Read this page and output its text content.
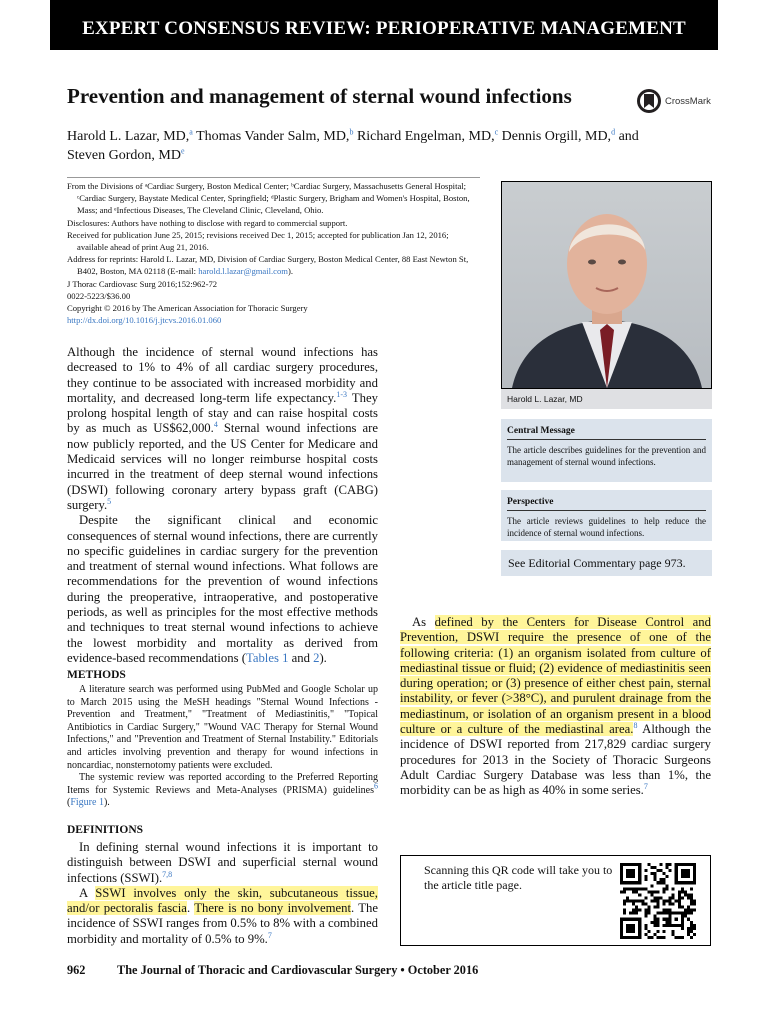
EXPERT CONSENSUS REVIEW: PERIOPERATIVE MANAGEMENT
Prevention and management of sternal wound infections	CrossMark
Harold L. Lazar, MD,$^a$ Thomas Vander Salm, MD,$^b$ Richard Engelman, MD,$^c$ Dennis Orgill, MD,$^d$ and
Steven Gordon, MDe

From the Divisions of ᵃCardiac Surgery, Boston Medical Center; ᵇCardiac Surgery, Massachusetts General Hospital; ᶜCardiac Surgery, Baystate Medical Center, Springfield; ᵈPlastic Surgery, Brigham and Women's Hospital, Boston, Mass; and ᵉInfectious Diseases, The Cleveland Clinic, Cleveland, Ohio.

Disclosures: Authors have nothing to disclose with regard to commercial support.

Received for publication June 25, 2015; revisions received Dec 1, 2015; accepted for publication Jan 12, 2016; available ahead of print Aug 21, 2016.

Address for reprints: Harold L. Lazar, MD, Division of Cardiac Surgery, Boston Medical Center, 88 East Newton St, B402, Boston, MA 02118 (E-mail: harold.l.lazar@gmail.com).

J Thorac Cardiovasc Surg 2016;152:962-72

0022-5223/$36.00

Copyright © 2016 by The American Association for Thoracic Surgery

http://dx.doi.org/10.1016/j.jtcvs.2016.01.060

Harold L. Lazar, MD
Central Message

The article describes guidelines for the prevention and management of sternal wound infections.

Perspective

The article reviews guidelines to help reduce the incidence of sternal wound infections.

See Editorial Commentary page 973.

Although the incidence of sternal wound infections has decreased to 1% to 4% of all cardiac surgery procedures, they continue to be associated with increased morbidity and mortality, and decreased long-term life expectancy.$^{1-3}$ They prolong hospital length of stay and can raise hospital costs by as much as US$62,000.$^4$ Sternal wound infections are now publicly reported, and the US Center for Medicare and Medicaid services will no longer reimburse hospital costs incurred in the treatment of deep sternal wound infections (DSWI) following coronary artery bypass graft (CABG) surgery.$^5$

Despite the significant clinical and economic consequences of sternal wound infections, there are currently no specific guidelines in cardiac surgery for the prevention and treatment of sternal wound infections. What follows are recommendations for the prevention of wound infections during the preoperative, intraoperative, and postoperative periods, as well as principles for the most effective methods and techniques to treat sternal wound infections to achieve the lowest morbidity and mortality as derived from evidence-based recommendations (Tables 1 and 2).

METHODS

A literature search was performed using PubMed and Google Scholar up to March 2015 using the MeSH headings "Sternal Wound Infections - Prevention and Treatment," "Treatment of Mediastinitis," "Topical Antibiotics in Cardiac Surgery," "Wound VAC Therapy for Sternal Wound Infections," and "Prevention and Treatment of Sternal Instability." Editorials and articles involving prevention and therapy for wound infections in noncardiac, nonsternotomy patients were excluded.

The systemic review was reported according to the Preferred Reporting Items for Systemic Reviews and Meta-Analyses (PRISMA) guidelines$^6$ (Figure 1).

DEFINITIONS

In defining sternal wound infections it is important to distinguish between DSWI and superficial sternal wound infections (SSWI).$^{7,8}$

A SSWI involves only the skin, subcutaneous tissue, and/or pectoralis fascia. There is no bony involvement. The incidence of SSWI ranges from 0.5% to 8% with a combined morbidity and mortality of 0.5% to 9%.$^7$

As defined by the Centers for Disease Control and Prevention, DSWI require the presence of one of the following criteria: (1) an organism isolated from culture of mediastinal tissue or fluid; (2) evidence of mediastinitis seen during operation; or (3) presence of either chest pain, sternal instability, or fever (>38°C), and purulent drainage from the mediastinum, or isolation of an organism present in a blood culture or a culture of the mediastinal area.$^8$ Although the incidence of DSWI reported from 217,829 cardiac surgery procedures for 2013 in the Society of Thoracic Surgeons Adult Cardiac Surgery Database was less than 1%, the morbidity can be as high as 40% in some series.$^7$

Scanning this QR code will take you to the article title page.
962	The Journal of Thoracic and Cardiovascular Surgery • October 2016
